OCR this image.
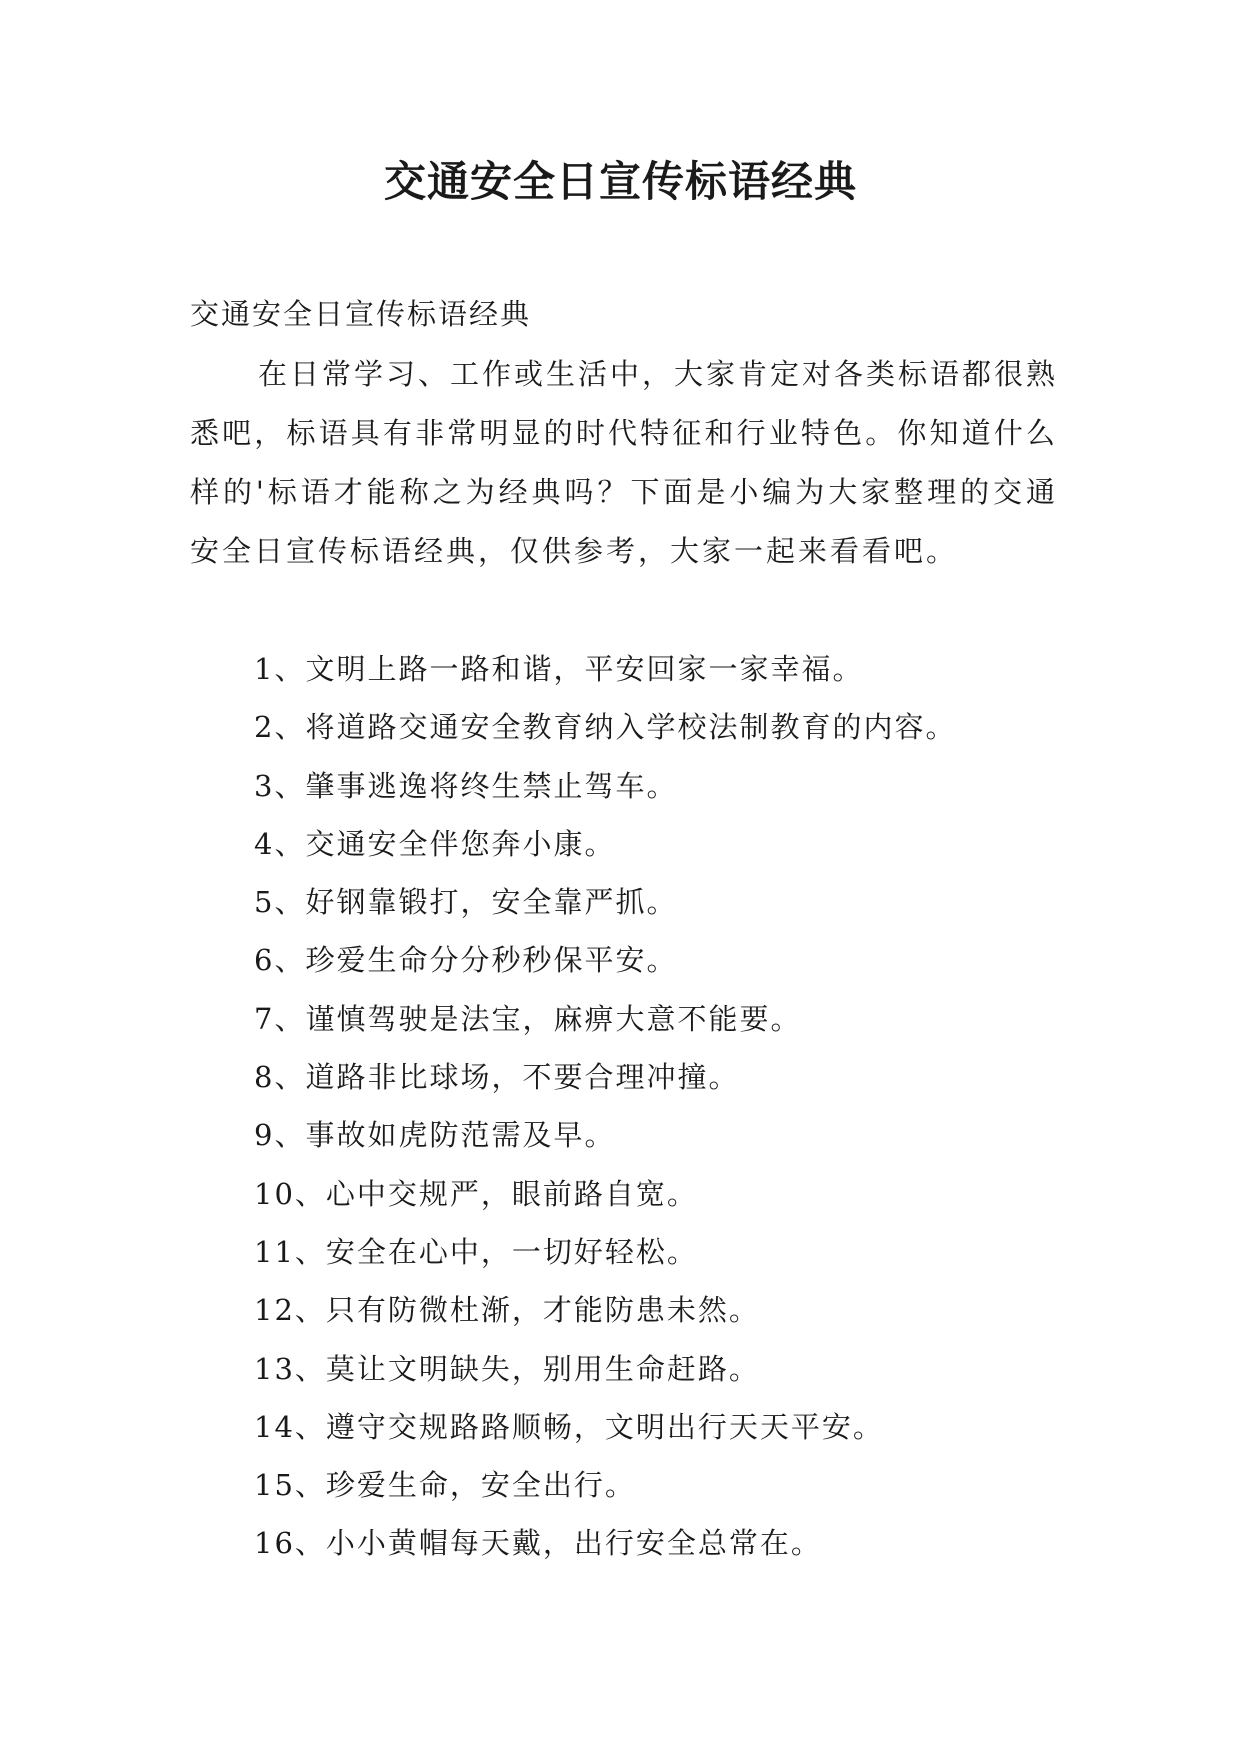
交通安全日宣传标语经典

交通安全日宣传标语经典

在日常学习、工作或生活中，大家肯定对各类标语都很熟悉吧，标语具有非常明显的时代特征和行业特色。你知道什么样的'标语才能称之为经典吗？下面是小编为大家整理的交通安全日宣传标语经典，仅供参考，大家一起来看看吧。

1、文明上路一路和谐，平安回家一家幸福。
2、将道路交通安全教育纳入学校法制教育的内容。
3、肇事逃逸将终生禁止驾车。
4、交通安全伴您奔小康。
5、好钢靠锻打，安全靠严抓。
6、珍爱生命分分秒秒保平安。
7、谨慎驾驶是法宝，麻痹大意不能要。
8、道路非比球场，不要合理冲撞。
9、事故如虎防范需及早。
10、心中交规严，眼前路自宽。
11、安全在心中，一切好轻松。
12、只有防微杜渐，才能防患未然。
13、莫让文明缺失，别用生命赶路。
14、遵守交规路路顺畅，文明出行天天平安。
15、珍爱生命，安全出行。
16、小小黄帽每天戴，出行安全总常在。
